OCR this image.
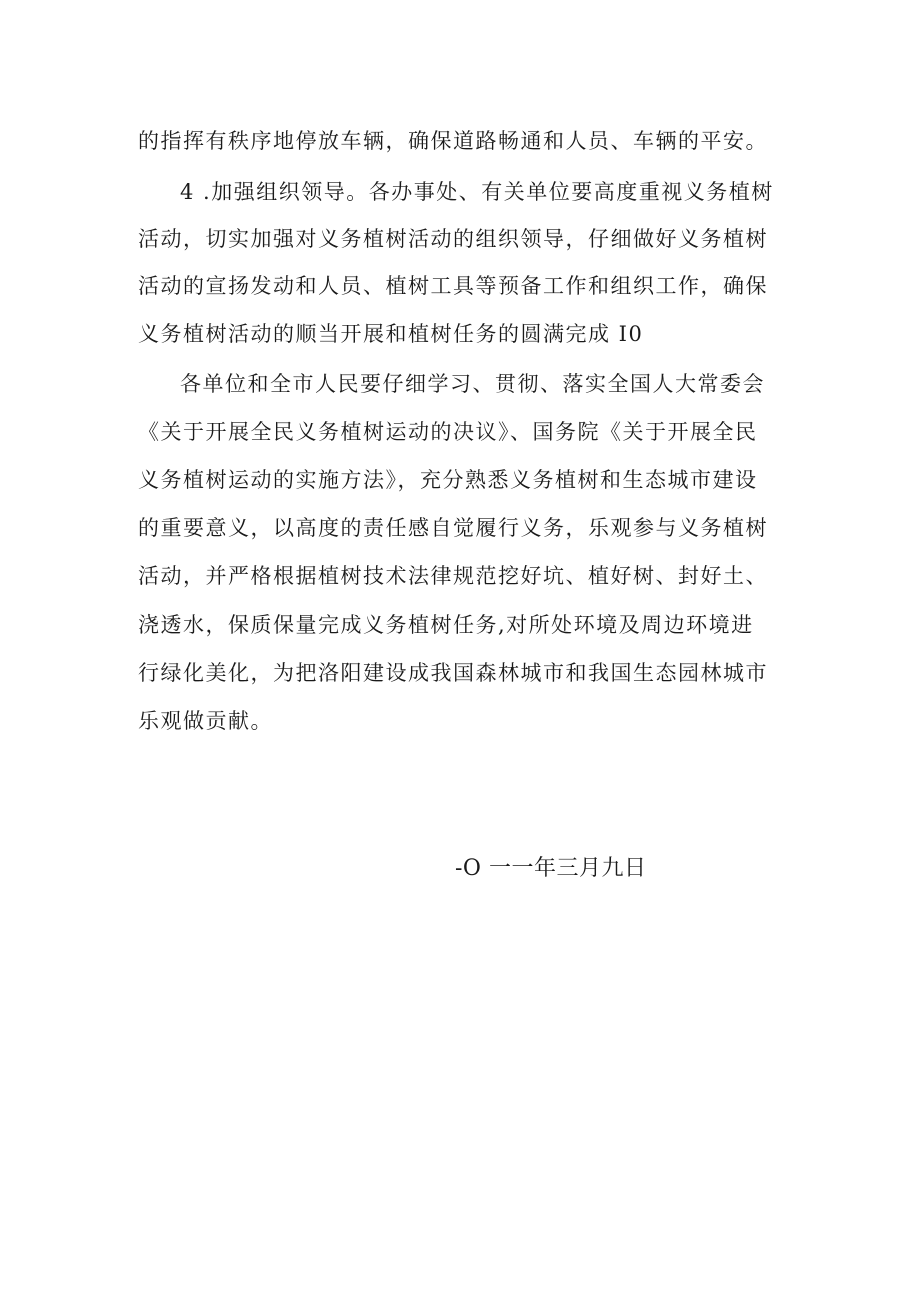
的指挥有秩序地停放车辆，确保道路畅通和人员、车辆的平安。
4 .加强组织领导。各办事处、有关单位要高度重视义务植树
活动，切实加强对义务植树活动的组织领导，仔细做好义务植树
活动的宣扬发动和人员、植树工具等预备工作和组织工作，确保
义务植树活动的顺当开展和植树任务的圆满完成 I0
各单位和全市人民要仔细学习、贯彻、落实全国人大常委会
《关于开展全民义务植树运动的决议》、国务院《关于开展全民
义务植树运动的实施方法》，充分熟悉义务植树和生态城市建设
的重要意义，以高度的责任感自觉履行义务，乐观参与义务植树
活动，并严格根据植树技术法律规范挖好坑、植好树、封好土、
浇透水，保质保量完成义务植树任务,对所处环境及周边环境进
行绿化美化，为把洛阳建设成我国森林城市和我国生态园林城市
乐观做贡献。
-O 一一年三月九日
